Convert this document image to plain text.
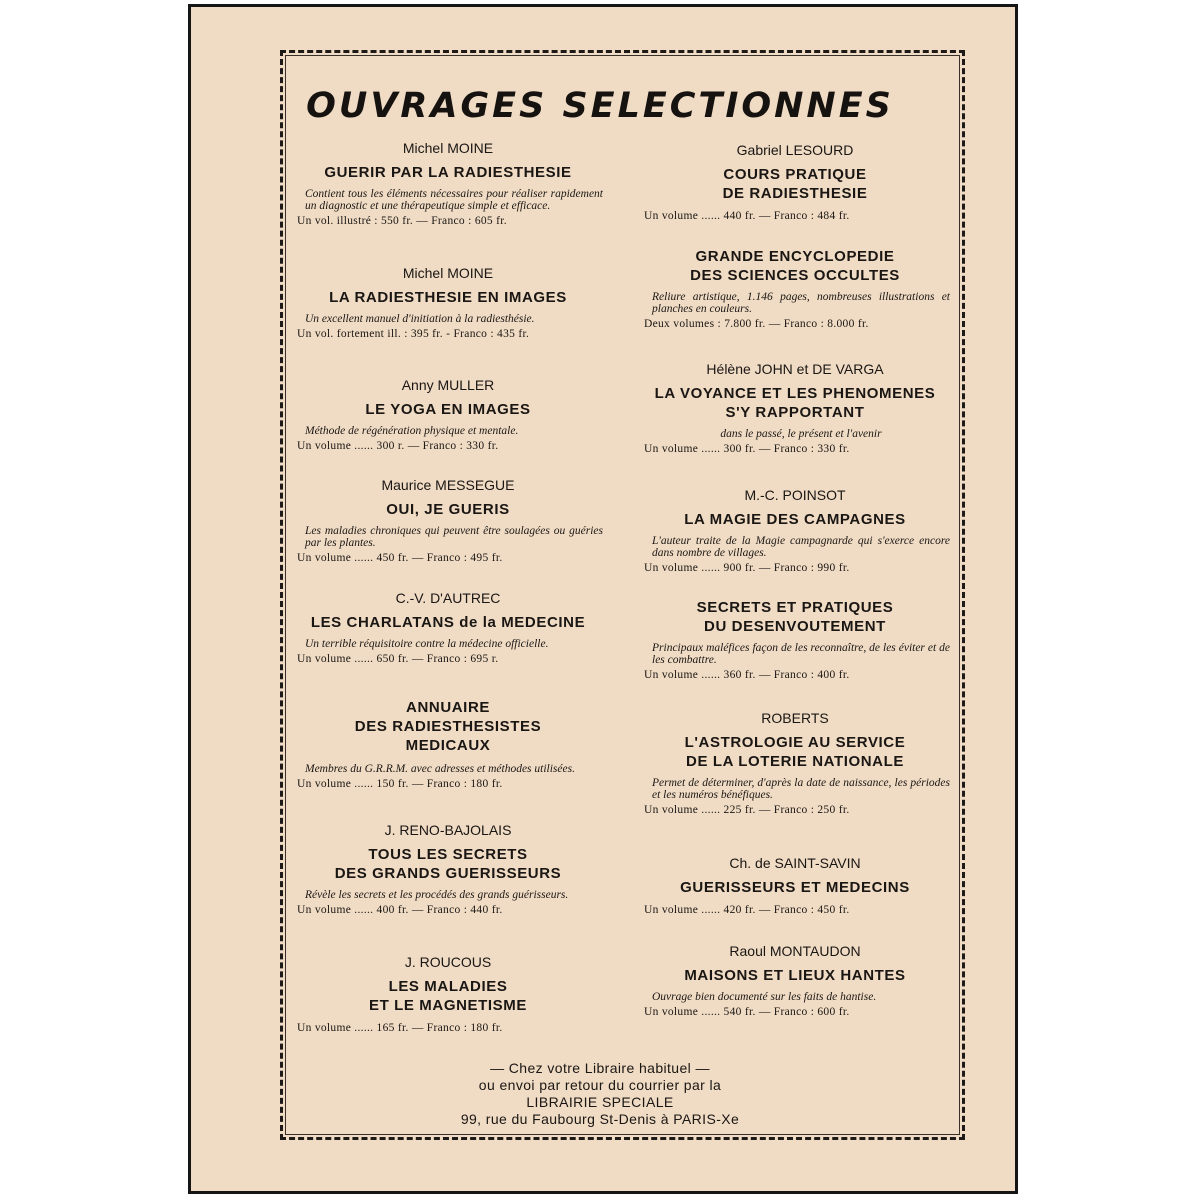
OUVRAGES SELECTIONNES

Michel MOINE

GUERIR PAR LA RADIESTHESIE

Contient tous les éléments nécessaires pour réaliser rapidement un diagnostic et une thérapeutique simple et efficace.

Un vol. illustré : 550 fr. — Franco : 605 fr.

Michel MOINE

LA RADIESTHESIE EN IMAGES

Un excellent manuel d'initiation à la radiesthésie.

Un vol. fortement ill. : 395 fr. - Franco : 435 fr.

Anny MULLER

LE YOGA EN IMAGES

Méthode de régénération physique et mentale.

Un volume ...... 300 r. — Franco : 330 fr.

Maurice MESSEGUE

OUI, JE GUERIS

Les maladies chroniques qui peuvent être soulagées ou guéries par les plantes.

Un volume ...... 450 fr. — Franco : 495 fr.

C.-V. D'AUTREC

LES CHARLATANS de la MEDECINE

Un terrible réquisitoire contre la médecine officielle.

Un volume ...... 650 fr. — Franco : 695 r.

ANNUAIRE

DES RADIESTHESISTES

MEDICAUX

Membres du G.R.R.M. avec adresses et méthodes utilisées.

Un volume ...... 150 fr. — Franco : 180 fr.

J. RENO-BAJOLAIS

TOUS LES SECRETS

DES GRANDS GUERISSEURS

Révèle les secrets et les procédés des grands guérisseurs.

Un volume ...... 400 fr. — Franco : 440 fr.

J. ROUCOUS

LES MALADIES

ET LE MAGNETISME

Un volume ...... 165 fr. — Franco : 180 fr.

Gabriel LESOURD

COURS PRATIQUE

DE RADIESTHESIE

Un volume ...... 440 fr. — Franco : 484 fr.

GRANDE ENCYCLOPEDIE

DES SCIENCES OCCULTES

Reliure artistique, 1.146 pages, nombreuses illustrations et planches en couleurs.

Deux volumes : 7.800 fr. — Franco : 8.000 fr.

Hélène JOHN et DE VARGA

LA VOYANCE ET LES PHENOMENES

S'Y RAPPORTANT

dans le passé, le présent et l'avenir

Un volume ...... 300 fr. — Franco : 330 fr.

M.-C. POINSOT

LA MAGIE DES CAMPAGNES

L'auteur traite de la Magie campagnarde qui s'exerce encore dans nombre de villages.

Un volume ...... 900 fr. — Franco : 990 fr.

SECRETS ET PRATIQUES

DU DESENVOUTEMENT

Principaux maléfices façon de les reconnaître, de les éviter et de les combattre.

Un volume ...... 360 fr. — Franco : 400 fr.

ROBERTS

L'ASTROLOGIE AU SERVICE

DE LA LOTERIE NATIONALE

Permet de déterminer, d'après la date de naissance, les périodes et les numéros bénéfiques.

Un volume ...... 225 fr. — Franco : 250 fr.

Ch. de SAINT-SAVIN

GUERISSEURS ET MEDECINS

Un volume ...... 420 fr. — Franco : 450 fr.

Raoul MONTAUDON

MAISONS ET LIEUX HANTES

Ouvrage bien documenté sur les faits de hantise.

Un volume ...... 540 fr. — Franco : 600 fr.

— Chez votre Libraire habituel —
ou envoi par retour du courrier par la
LIBRAIRIE SPECIALE
99, rue du Faubourg St-Denis à PARIS-Xe
